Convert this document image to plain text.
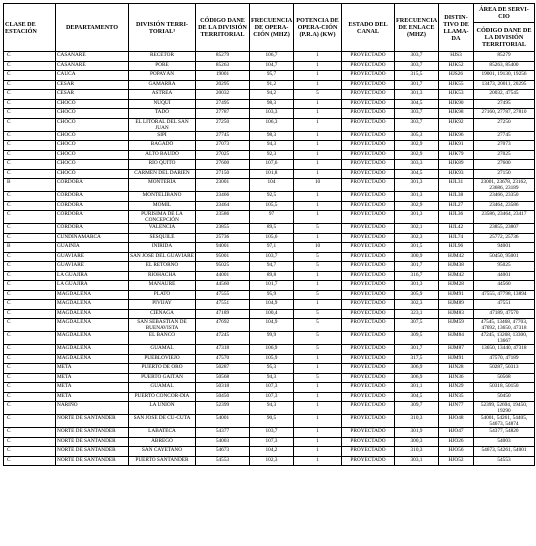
CLASE DE ESTACIÓN	DEPARTAMENTO	DIVISIÓN TERRI-TORIAL³	CÓDIGO DANE DE LA DIVISIÓN TERRITORIAL	FRECUENCIA DE OPERA-CIÓN (MHZ)	POTENCIA DE OPERA-CIÓN (P.R.A) (KW)	ESTADO DEL CANAL	FRECUENCIA DE ENLACE (MHZ)	DISTIN-TIVO DE LLAMA-DA	ÁREA DE SERVI-CIO
									CÓDIGO DANE DE LA DIVISIÓN TERRITORIAL
C	CASANARE	RECETOR	85279	106,7	1	PROYECTADO	303,7	HJS3	85279
C	CASANARE	PORE	85263	104,7	1	PROYECTADO	303,7	HJK52	85263, 85400
C	CAUCA	POPAYÁN	19001	95,7	1	PROYECTADO	315,5	HJS26	19001, 19130, 19256
C	CESAR	GAMARRA	20295	91,2	1	PROYECTADO	301,7	HJK55	13473, 20011, 20295
C	CESAR	ASTREA	20032	94,2	5	PROYECTADO	301,3	HJK53	20032, 47545
C	CHOCÓ	NUQUÍ	27495	98,3	1	PROYECTADO	304,5	HJK90	27495
C	CHOCÓ	TADÓ	27787	103,3	1	PROYECTADO	303,7	HJK98	27160, 27787, 27810
C	CHOCÓ	EL LITORAL DEL SAN JUAN	27250	106,3	1	PROYECTADO	303,7	HJK92	27250
C	CHOCÓ	SIPÍ	27745	98,3	1	PROYECTADO	305,3	HJK96	27745
C	CHOCÓ	BAGADÓ	27073	94,3	1	PROYECTADO	302,9	HJK91	27073
C	CHOCÓ	ALTO BAUDÓ	27025	92,3	1	PROYECTADO	302,9	HJK79	27025
C	CHOCÓ	RÍO QUITO	27600	107,6	1	PROYECTADO	303,3	HJK89	27600
C	CHOCÓ	CARMEN DEL DARIÉN	27150	101,8	1	PROYECTADO	304,5	HJK93	27150
B	CÓRDOBA	MONTERÍA	23001	104	10	PROYECTADO	301,3	HJL31	23001, 23678, 23162, 23686, 23189
C	CÓRDOBA	MONTELÍBANO	23466	92,5	1	PROYECTADO	301,3	HJL38	23466, 23350
C	CÓRDOBA	MOMIL	23464	105,5	1	PROYECTADO	302,9	HJL27	23464, 23586
C	CÓRDOBA	PURÍSIMA DE LA CONCEPCIÓN	23586	97	1	PROYECTADO	301,3	HJL36	23586, 23464, 23417
C	CÓRDOBA	VALENCIA	23855	89,5	5	PROYECTADO	302,1	HJL42	23855, 23807
C	CUNDINAMARCA	SESQUILÉ	25736	105,6	1	PROYECTADO	302,3	HJL74	25772, 25736
B	GUAINÍA	INÍRIDA	94001	97,1	10	PROYECTADO	301,5	HJL96	94001
C	GUAVIARE	SAN JOSÉ DEL GUAVIARE	95001	103,7	5	PROYECTADO	300,9	HJM42	50450, 95001
C	GUAVIARE	EL RETORNO	95025	94,7	5	PROYECTADO	301,7	HJM38	95025
C	LA GUAJIRA	RIOHACHA	44001	89,8	1	PROYECTADO	316,7	HJM42	44001
C	LA GUAJIRA	MANAURE	44560	101,7	1	PROYECTADO	301,3	HJM28	44560
C	MAGDALENA	PLATO	47555	95,9	5	PROYECTADO	305,9	HJM91	47555, 47798, 13894
C	MAGDALENA	PIVIJAY	47551	104,9	1	PROYECTADO	302,3	HJM89	47551
C	MAGDALENA	CIÉNAGA	47189	100,4	5	PROYECTADO	323,1	HJM83	47189, 47570
C	MAGDALENA	SAN SEBASTIÁN DE BUENAVISTA	47692	104,9	5	PROYECTADO	307,5	HJM59	47545, 13468, 47703, 47692, 13650, 47318
C	MAGDALENA	EL BANCO	47245	99,9	5	PROYECTADO	309,5	HJM84	47245, 13268, 13300, 13667
C	MAGDALENA	GUAMAL	47318	106,9	5	PROYECTADO	301,7	HJM87	13650, 13440, 47318
C	MAGDALENA	PUEBLOVIEJO	47570	105,9	1	PROYECTADO	317,5	HJM91	47570, 47189
C	META	PUERTO DE ORO	50287	95,3	1	PROYECTADO	306,9	HJN28	50287, 50313
C	META	PUERTO GAITÁN	50568	94,3	5	PROYECTADO	306,9	HJN36	50568
C	META	GUAMAL	50318	107,3	1	PROYECTADO	301,1	HJN29	50318, 50150
C	META	PUERTO CONCOR-DIA	50450	107,3	1	PROYECTADO	304,5	HJN35	50450
C	NARIÑO	LA UNIÓN	52399	94,3	1	PROYECTADO	309,7	HJN77	52399, 52694, 19450, 19290
C	NORTE DE SANTANDER	SAN JOSÉ DE CÚ-CUTA	54001	90,5	1	PROYECTADO	310,3	HJO48	54001, 54261, 54405, 54673, 54874
C	NORTE DE SANTANDER	LABATECA	54377	103,7	1	PROYECTADO	301,9	HJO47	54377, 54820
C	NORTE DE SANTANDER	ÁBREGO	54003	107,3	1	PROYECTADO	300,3	HJO26	54003
C	NORTE DE SANTANDER	SAN CAYETANO	54673	104,2	1	PROYECTADO	310,3	HJO56	54673, 54261, 54001
C	NORTE DE SANTANDER	PUERTO SANTANDER	54553	102,3	1	PROYECTADO	303,1	HJO52	54553
